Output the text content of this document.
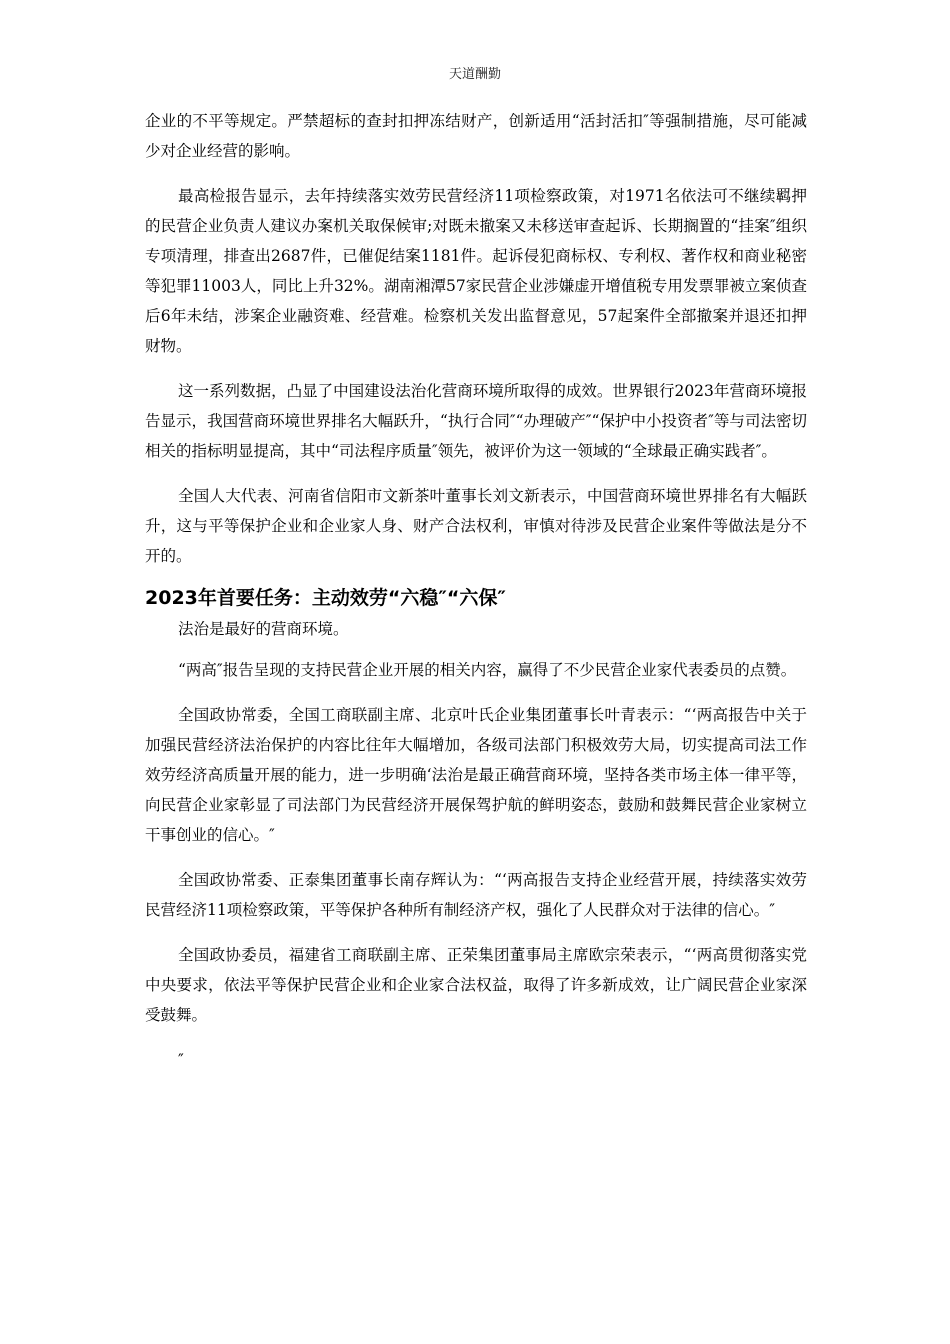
天道酬勤

企业的不平等规定。严禁超标的查封扣押冻结财产，创新适用“活封活扣″等强制措施，尽可能减少对企业经营的影响。

最高检报告显示，去年持续落实效劳民营经济11项检察政策，对1971名依法可不继续羁押的民营企业负责人建议办案机关取保候审;对既未撤案又未移送审查起诉、长期搁置的“挂案″组织专项清理，排查出2687件，已催促结案1181件。起诉侵犯商标权、专利权、著作权和商业秘密等犯罪11003人，同比上升32%。湖南湘潭57家民营企业涉嫌虚开增值税专用发票罪被立案侦查后6年未结，涉案企业融资难、经营难。检察机关发出监督意见，57起案件全部撤案并退还扣押财物。

这一系列数据，凸显了中国建设法治化营商环境所取得的成效。世界银行2023年营商环境报告显示，我国营商环境世界排名大幅跃升，“执行合同″“办理破产″“保护中小投资者″等与司法密切相关的指标明显提高，其中“司法程序质量″领先，被评价为这一领域的“全球最正确实践者″。

全国人大代表、河南省信阳市文新茶叶董事长刘文新表示，中国营商环境世界排名有大幅跃升，这与平等保护企业和企业家人身、财产合法权利，审慎对待涉及民营企业案件等做法是分不开的。

2023年首要任务：主动效劳“六稳″“六保″

法治是最好的营商环境。

“两高″报告呈现的支持民营企业开展的相关内容，赢得了不少民营企业家代表委员的点赞。

全国政协常委，全国工商联副主席、北京叶氏企业集团董事长叶青表示：“‘两高报告中关于加强民营经济法治保护的内容比往年大幅增加，各级司法部门积极效劳大局，切实提高司法工作效劳经济高质量开展的能力，进一步明确‘法治是最正确营商环境，坚持各类市场主体一律平等，向民营企业家彰显了司法部门为民营经济开展保驾护航的鲜明姿态，鼓励和鼓舞民营企业家树立干事创业的信心。″

全国政协常委、正泰集团董事长南存辉认为：“‘两高报告支持企业经营开展，持续落实效劳民营经济11项检察政策，平等保护各种所有制经济产权，强化了人民群众对于法律的信心。″

全国政协委员，福建省工商联副主席、正荣集团董事局主席欧宗荣表示，“‘两高贯彻落实党中央要求，依法平等保护民营企业和企业家合法权益，取得了许多新成效，让广阔民营企业家深受鼓舞。

″
